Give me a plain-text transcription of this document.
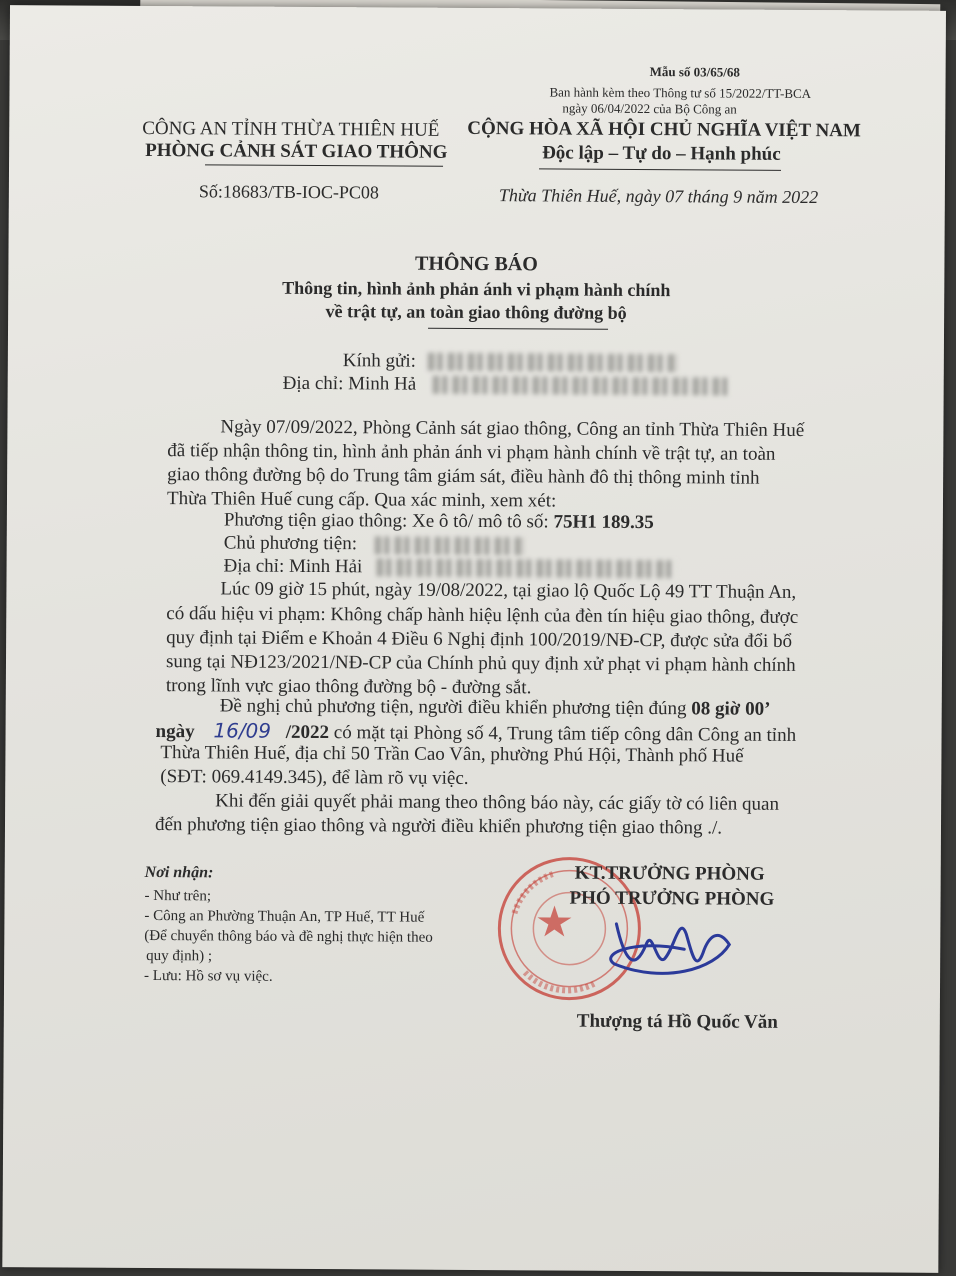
Mẫu số 03/65/68
Ban hành kèm theo Thông tư số 15/2022/TT-BCA
ngày 06/04/2022 của Bộ Công an
CÔNG AN TỈNH THỪA THIÊN HUẾ
PHÒNG CẢNH SÁT GIAO THÔNG
CỘNG HÒA XÃ HỘI CHỦ NGHĨA VIỆT NAM
Độc lập – Tự do – Hạnh phúc
Số:18683/TB-IOC-PC08	Thừa Thiên Huế, ngày 07 tháng 9 năm 2022
THÔNG BÁO
Thông tin, hình ảnh phản ánh vi phạm hành chính
về trật tự, an toàn giao thông đường bộ
Kính gửi:
Địa chỉ: Minh Hả
Ngày 07/09/2022, Phòng Cảnh sát giao thông, Công an tỉnh Thừa Thiên Huế
đã tiếp nhận thông tin, hình ảnh phản ánh vi phạm hành chính về trật tự, an toàn
giao thông đường bộ do Trung tâm giám sát, điều hành đô thị thông minh tỉnh
Thừa Thiên Huế cung cấp. Qua xác minh, xem xét:
Phương tiện giao thông: Xe ô tô/ mô tô số: 75H1 189.35
Chủ phương tiện:
Địa chỉ: Minh Hải
Lúc 09 giờ 15 phút, ngày 19/08/2022, tại giao lộ Quốc Lộ 49 TT Thuận An,
có dấu hiệu vi phạm: Không chấp hành hiệu lệnh của đèn tín hiệu giao thông, được
quy định tại Điểm e Khoản 4 Điều 6 Nghị định 100/2019/NĐ-CP, được sửa đổi bổ
sung tại NĐ123/2021/NĐ-CP của Chính phủ quy định xử phạt vi phạm hành chính
trong lĩnh vực giao thông đường bộ - đường sắt.
Đề nghị chủ phương tiện, người điều khiển phương tiện đúng 08 giờ 00’
ngày 16/09 /2022 có mặt tại Phòng số 4, Trung tâm tiếp công dân Công an tỉnh
Thừa Thiên Huế, địa chỉ 50 Trần Cao Vân, phường Phú Hội, Thành phố Huế
(SĐT: 069.4149.345), để làm rõ vụ việc.
Khi đến giải quyết phải mang theo thông báo này, các giấy tờ có liên quan
đến phương tiện giao thông và người điều khiển phương tiện giao thông ./.
Nơi nhận:
- Như trên;
- Công an Phường Thuận An, TP Huế, TT Huế
(Để chuyển thông báo và đề nghị thực hiện theo
quy định) ;
- Lưu: Hồ sơ vụ việc.
KT.TRƯỞNG PHÒNG
PHÓ TRƯỞNG PHÒNG
Thượng tá Hồ Quốc Văn
